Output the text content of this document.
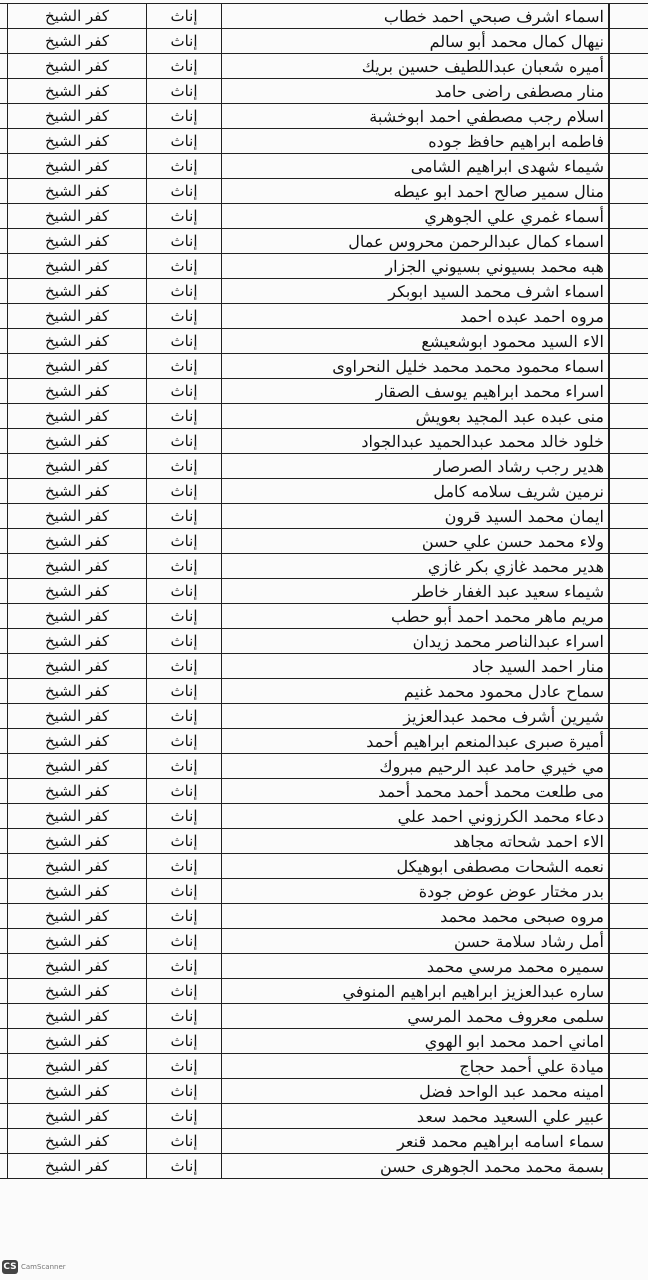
	اسماء اشرف صبحي احمد خطاب	إناث	كفر الشيخ	
	نيهال كمال محمد أبو سالم	إناث	كفر الشيخ	
	أميره شعبان عبداللطيف حسين بريك	إناث	كفر الشيخ	
	منار مصطفى راضى حامد	إناث	كفر الشيخ	
	اسلام رجب مصطفي احمد ابوخشبة	إناث	كفر الشيخ	
	فاطمه ابراهيم حافظ جوده	إناث	كفر الشيخ	
	شيماء شهدى ابراهيم الشامى	إناث	كفر الشيخ	
	منال سمير صالح احمد ابو عيطه	إناث	كفر الشيخ	
	أسماء غمري علي الجوهري	إناث	كفر الشيخ	
	اسماء كمال عبدالرحمن محروس عمال	إناث	كفر الشيخ	
	هبه محمد بسيوني بسيوني الجزار	إناث	كفر الشيخ	
	اسماء اشرف محمد السيد ابوبكر	إناث	كفر الشيخ	
	مروه احمد عبده احمد	إناث	كفر الشيخ	
	الاء السيد محمود ابوشعيشع	إناث	كفر الشيخ	
	اسماء محمود محمد محمد خليل النحراوى	إناث	كفر الشيخ	
	اسراء محمد ابراهيم يوسف الصقار	إناث	كفر الشيخ	
	منى عبده عبد المجيد بعويش	إناث	كفر الشيخ	
	خلود خالد محمد عبدالحميد عبدالجواد	إناث	كفر الشيخ	
	هدير رجب رشاد الصرصار	إناث	كفر الشيخ	
	نرمين شريف سلامه كامل	إناث	كفر الشيخ	
	ايمان محمد السيد قرون	إناث	كفر الشيخ	
	ولاء محمد حسن علي حسن	إناث	كفر الشيخ	
	هدير محمد غازي بكر غازي	إناث	كفر الشيخ	
	شيماء سعيد عبد الغفار خاطر	إناث	كفر الشيخ	
	مريم ماهر محمد احمد أبو حطب	إناث	كفر الشيخ	
	اسراء عبدالناصر محمد زيدان	إناث	كفر الشيخ	
	منار احمد السيد جاد	إناث	كفر الشيخ	
	سماح عادل محمود محمد غنيم	إناث	كفر الشيخ	
	شيرين أشرف محمد عبدالعزيز	إناث	كفر الشيخ	
	أميرة صبرى عبدالمنعم ابراهيم أحمد	إناث	كفر الشيخ	
	مي خيري حامد عبد الرحيم مبروك	إناث	كفر الشيخ	
	مى طلعت محمد أحمد محمد أحمد	إناث	كفر الشيخ	
	دعاء محمد الكرزوني احمد علي	إناث	كفر الشيخ	
	الاء احمد شحاته مجاهد	إناث	كفر الشيخ	
	نعمه الشحات مصطفى ابوهيكل	إناث	كفر الشيخ	
	بدر مختار عوض عوض جودة	إناث	كفر الشيخ	
	مروه صبحى محمد محمد	إناث	كفر الشيخ	
	أمل رشاد سلامة حسن	إناث	كفر الشيخ	
	سميره محمد مرسي محمد	إناث	كفر الشيخ	
	ساره عبدالعزيز ابراهيم ابراهيم المنوفي	إناث	كفر الشيخ	
	سلمى معروف محمد المرسي	إناث	كفر الشيخ	
	اماني احمد محمد ابو الهوي	إناث	كفر الشيخ	
	ميادة علي أحمد حجاج	إناث	كفر الشيخ	
	امينه محمد عبد الواحد فضل	إناث	كفر الشيخ	
	عبير علي السعيد محمد سعد	إناث	كفر الشيخ	
	سماء اسامه ابراهيم محمد قنعر	إناث	كفر الشيخ	
	بسمة محمد محمد الجوهرى حسن	إناث	كفر الشيخ	
CS CamScanner
